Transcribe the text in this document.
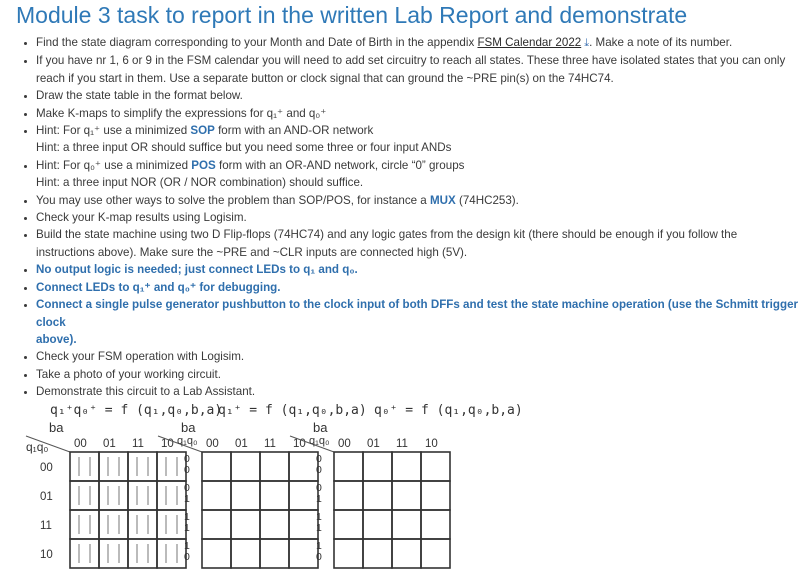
Module 3 task to report in the written Lab Report and demonstrate
• Find the state diagram corresponding to your Month and Date of Birth in the appendix FSM Calendar 2022 ⤓. Make a note of its number.
• If you have nr 1, 6 or 9 in the FSM calendar you will need to add set circuitry to reach all states. These three have isolated states that you can only
reach if you start in them. Use a separate button or clock signal that can ground the ~PRE pin(s) on the 74HC74.
• Draw the state table in the format below.
• Make K-maps to simplify the expressions for q₁⁺ and q₀⁺
• Hint: For q₁⁺ use a minimized SOP form with an AND-OR network
Hint: a three input OR should suffice but you need some three or four input ANDs
• Hint: For q₀⁺ use a minimized POS form with an OR-AND network, circle “0” groups
Hint: a three input NOR (OR / NOR combination) should suffice.
• You may use other ways to solve the problem than SOP/POS, for instance a MUX (74HC253).
• Check your K-map results using Logisim.
• Build the state machine using two D Flip-flops (74HC74) and any logic gates from the design kit (there should be enough if you follow the
instructions above). Make sure the ~PRE and ~CLR inputs are connected high (5V).
• No output logic is needed; just connect LEDs to q₁ and q₀.
• Connect LEDs to q₁⁺ and q₀⁺ for debugging.
• Connect a single pulse generator pushbutton to the clock input of both DFFs and test the state machine operation (use the Schmitt trigger clock
above).
• Check your FSM operation with Logisim.
• Take a photo of your working circuit.
• Demonstrate this circuit to a Lab Assistant.
q₁⁺q₀⁺ = f (q₁,q₀,b,a)
ba
00 01 11 10
q₁q₀
00
01
11
10
q₁⁺ = f (q₁,q₀,b,a)
ba
00 01 11 10
q₁q₀
0
0
0
1
1
1
1
0
q₀⁺ = f (q₁,q₀,b,a)
ba
00 01 11 10
q₁q₀
0
0
0
1
1
1
1
0
